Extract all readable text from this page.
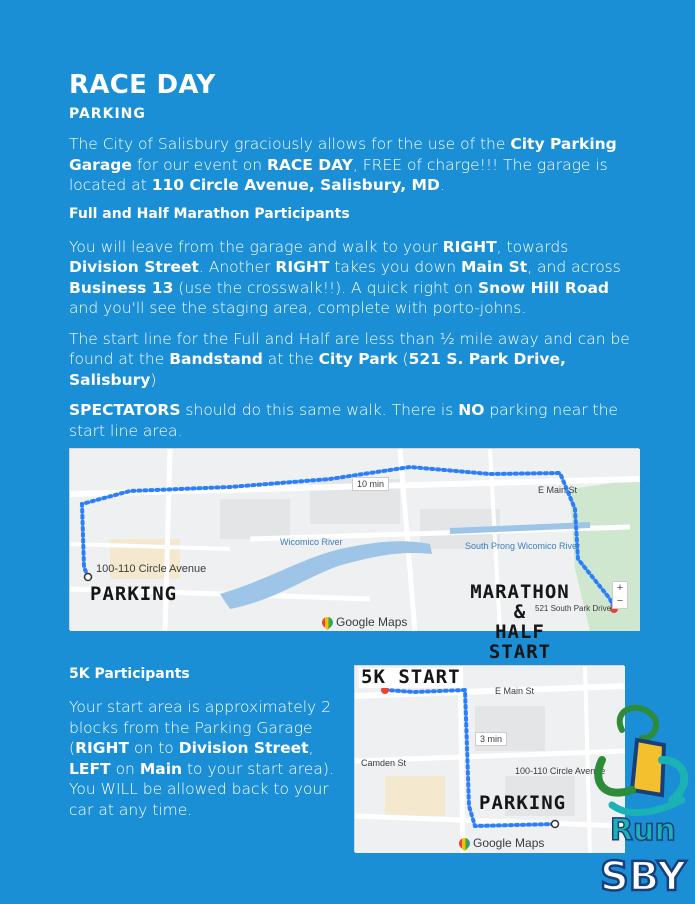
RACE DAY
PARKING

The City of Salisbury graciously allows for the use of the City Parking Garage for our event on RACE DAY, FREE of charge!!! The garage is located at 110 Circle Avenue, Salisbury, MD.

Full and Half Marathon Participants

You will leave from the garage and walk to your RIGHT, towards Division Street. Another RIGHT takes you down Main St, and across Business 13 (use the crosswalk!!). A quick right on Snow Hill Road and you'll see the staging area, complete with porto-johns.

The start line for the Full and Half are less than ½ mile away and can be found at the Bandstand at the City Park (521 S. Park Drive, Salisbury)

SPECTATORS should do this same walk. There is NO parking near the start line area.

100-110 Circle Avenue
10 min
Wicomico River	South Prong Wicomico River
E Main St
521 South Park Drive
PARKING	MARATHON &
HALF START
Google Maps
+
−
5K Participants

Your start area is approximately 2 blocks from the Parking Garage (RIGHT on to Division Street, LEFT on Main to your start area). You WILL be allowed back to your car at any time.

E Main St
Camden St
3 min
100-110 Circle Avenue
5K START
PARKING
Google Maps Run
SBY
